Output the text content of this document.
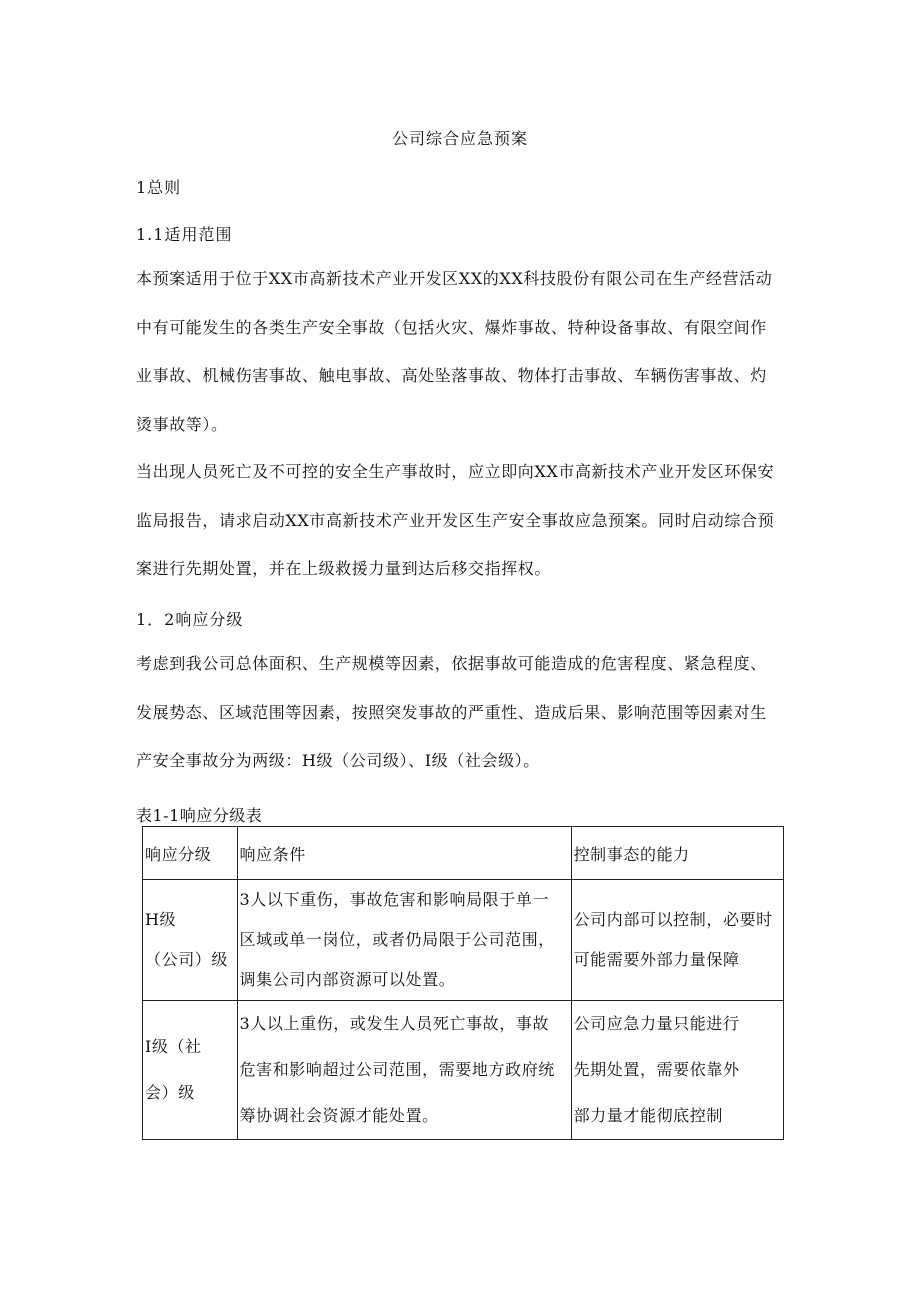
公司综合应急预案
1总则
1.1适用范围

本预案适用于位于XX市高新技术产业开发区XX的XX科技股份有限公司在生产经营活动
中有可能发生的各类生产安全事故（包括火灾、爆炸事故、特种设备事故、有限空间作
业事故、机械伤害事故、触电事故、高处坠落事故、物体打击事故、车辆伤害事故、灼
烫事故等）。

当出现人员死亡及不可控的安全生产事故时，应立即向XX市高新技术产业开发区环保安
监局报告，请求启动XX市高新技术产业开发区生产安全事故应急预案。同时启动综合预
案进行先期处置，并在上级救援力量到达后移交指挥权。

1．2响应分级

考虑到我公司总体面积、生产规模等因素，依据事故可能造成的危害程度、紧急程度、
发展势态、区域范围等因素，按照突发事故的严重性、造成后果、影响范围等因素对生
产安全事故分为两级：H级（公司级）、I级（社会级）。

表1-1响应分级表
响应分级	响应条件	控制事态的能力

H级
（公司）级	3人以下重伤，事故危害和影响局限于单一
区域或单一岗位，或者仍局限于公司范围，
调集公司内部资源可以处置。	公司内部可以控制，必要时
可能需要外部力量保障

I级（社
会）级	3人以上重伤，或发生人员死亡事故，事故
危害和影响超过公司范围，需要地方政府统
筹协调社会资源才能处置。	公司应急力量只能进行
先期处置，需要依靠外
部力量才能彻底控制
